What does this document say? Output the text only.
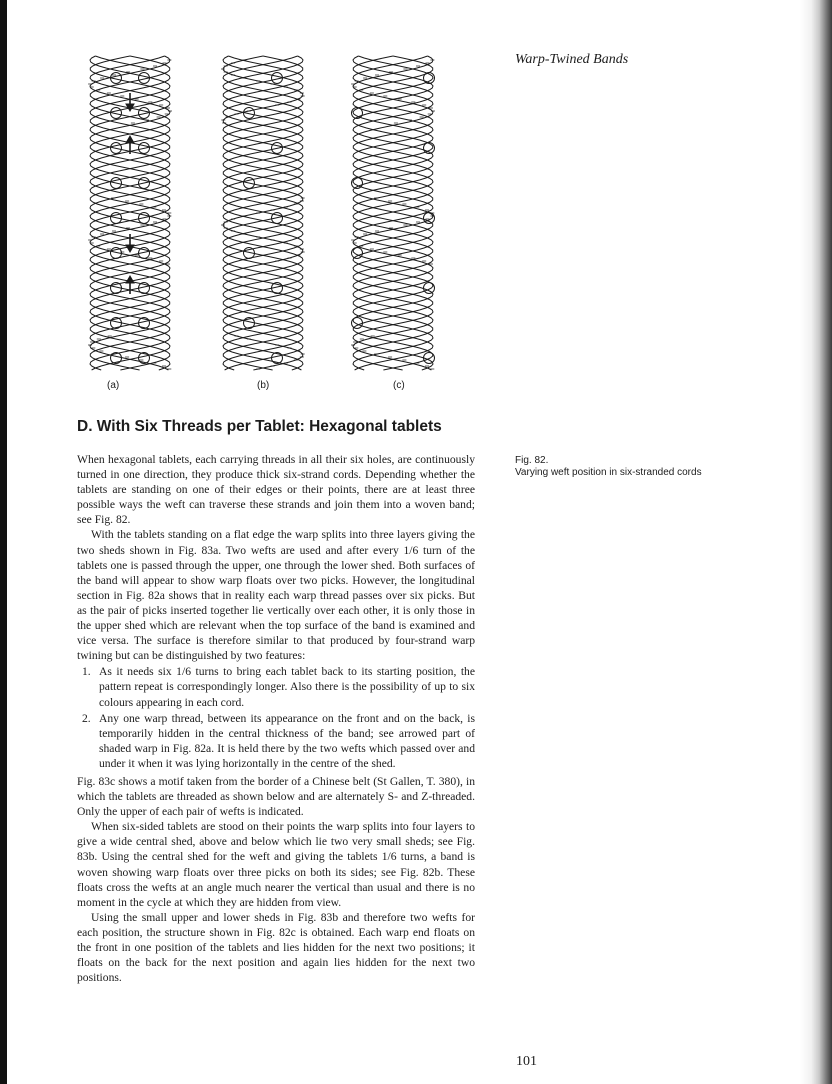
Warp-Twined Bands
(a)	(b)	(c)
Fig. 82.
Varying weft position in six-stranded cords
D. With Six Threads per Tablet: Hexagonal tablets

When hexagonal tablets, each carrying threads in all their six holes, are continuously turned in one direction, they produce thick six-strand cords. Depending whether the tablets are standing on one of their edges or their points, there are at least three possible ways the weft can traverse these strands and join them into a woven band; see Fig. 82.

With the tablets standing on a flat edge the warp splits into three layers giving the two sheds shown in Fig. 83a. Two wefts are used and after every 1/6 turn of the tablets one is passed through the upper, one through the lower shed. Both surfaces of the band will appear to show warp floats over two picks. However, the longitudinal section in Fig. 82a shows that in reality each warp thread passes over six picks. But as the pair of picks inserted together lie vertically over each other, it is only those in the upper shed which are relevant when the top surface of the band is examined and vice versa. The surface is therefore similar to that produced by four-strand warp twining but can be distinguished by two features:

1. As it needs six 1/6 turns to bring each tablet back to its starting position, the pattern repeat is correspondingly longer. Also there is the possibility of up to six colours appearing in each cord.
2. Any one warp thread, between its appearance on the front and on the back, is temporarily hidden in the central thickness of the band; see arrowed part of shaded warp in Fig. 82a. It is held there by the two wefts which passed over and under it when it was lying horizontally in the centre of the shed.

Fig. 83c shows a motif taken from the border of a Chinese belt (St Gallen, T. 380), in which the tablets are threaded as shown below and are alternately S- and Z-threaded. Only the upper of each pair of wefts is indicated.

When six-sided tablets are stood on their points the warp splits into four layers to give a wide central shed, above and below which lie two very small sheds; see Fig. 83b. Using the central shed for the weft and giving the tablets 1/6 turns, a band is woven showing warp floats over three picks on both its sides; see Fig. 82b. These floats cross the wefts at an angle much nearer the vertical than usual and there is no moment in the cycle at which they are hidden from view.

Using the small upper and lower sheds in Fig. 83b and therefore two wefts for each position, the structure shown in Fig. 82c is obtained. Each warp end floats on the front in one position of the tablets and lies hidden for the next two positions; it floats on the back for the next position and again lies hidden for the next two positions.

101
